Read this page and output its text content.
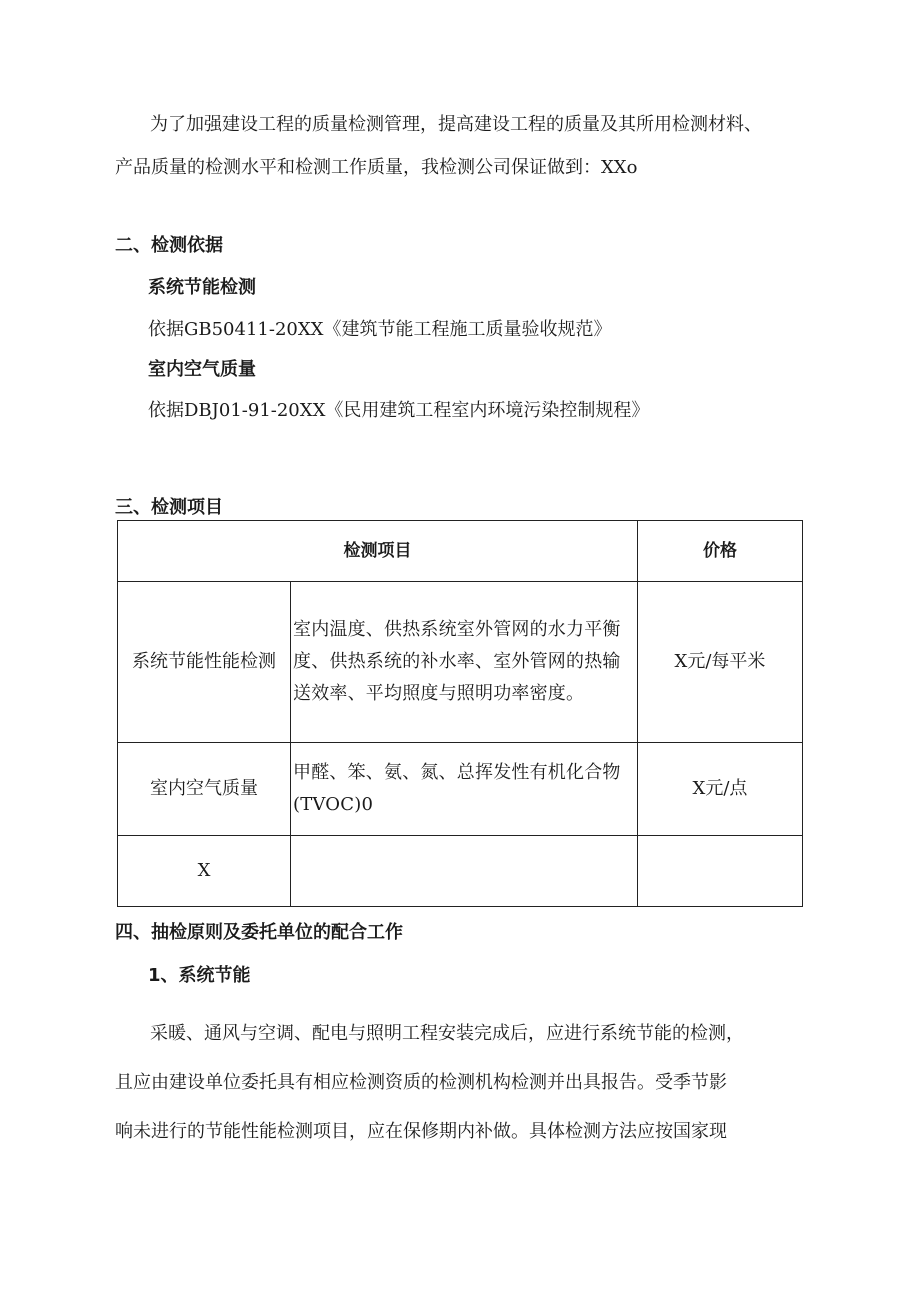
为了加强建设工程的质量检测管理，提高建设工程的质量及其所用检测材料、
产品质量的检测水平和检测工作质量，我检测公司保证做到：XXo
二、检测依据
系统节能检测
依据GB50411-20XX《建筑节能工程施工质量验收规范》
室内空气质量
依据DBJ01-91-20XX《民用建筑工程室内环境污染控制规程》
三、检测项目
检测项目		价格
系统节能性能检测	室内温度、供热系统室外管网的水力平衡度、供热系统的补水率、室外管网的热输送效率、平均照度与照明功率密度。	X元/每平米
室内空气质量	甲醛、笨、氨、氮、总挥发性有机化合物(TVOC)0	X元/点
X		
四、抽检原则及委托单位的配合工作
1、系统节能
采暖、通风与空调、配电与照明工程安装完成后，应进行系统节能的检测，
且应由建设单位委托具有相应检测资质的检测机构检测并出具报告。受季节影
响未进行的节能性能检测项目，应在保修期内补做。具体检测方法应按国家现
